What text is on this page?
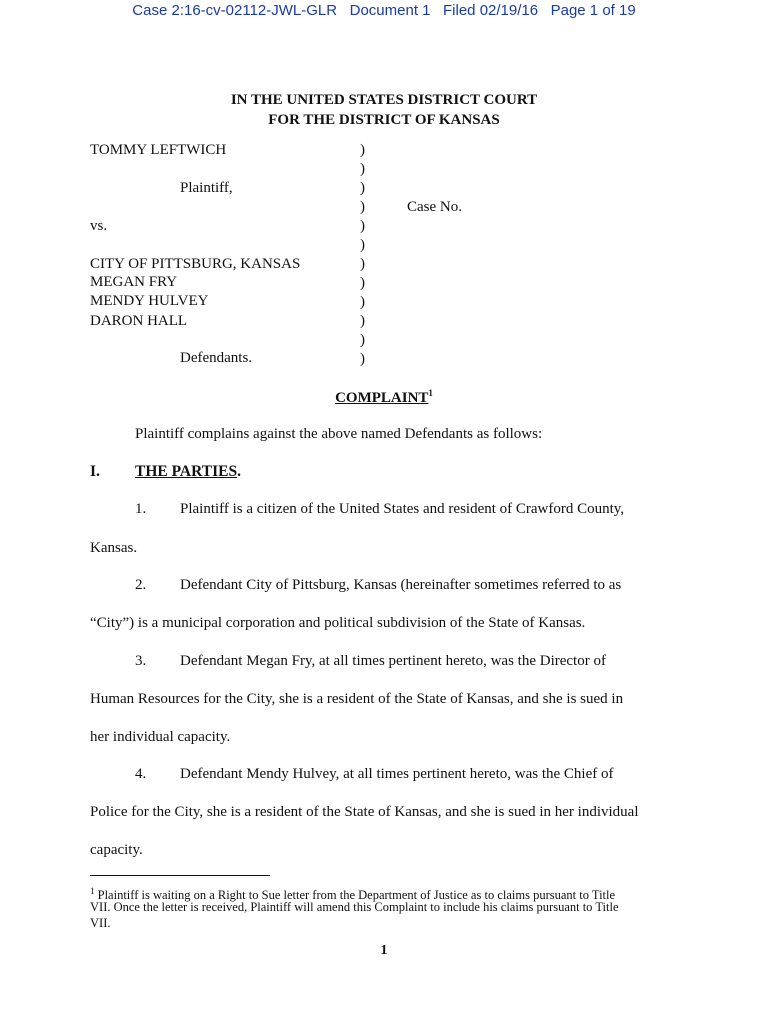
Case 2:16-cv-02112-JWL-GLR Document 1 Filed 02/19/16 Page 1 of 19
IN THE UNITED STATES DISTRICT COURT
FOR THE DISTRICT OF KANSAS
TOMMY LEFTWICH
Plaintiff,
vs.
CITY OF PITTSBURG, KANSAS
MEGAN FRY
MENDY HULVEY
DARON HALL
Defendants.
)
)
)
)
)
)
)
)
)
)
)
)
Case No.
COMPLAINT$^1$
Plaintiff complains against the above named Defendants as follows:
I. THE PARTIES.
1. Plaintiff is a citizen of the United States and resident of Crawford County,
Kansas.
2. Defendant City of Pittsburg, Kansas (hereinafter sometimes referred to as
“City”) is a municipal corporation and political subdivision of the State of Kansas.
3. Defendant Megan Fry, at all times pertinent hereto, was the Director of
Human Resources for the City, she is a resident of the State of Kansas, and she is sued in
her individual capacity.
4. Defendant Mendy Hulvey, at all times pertinent hereto, was the Chief of
Police for the City, she is a resident of the State of Kansas, and she is sued in her individual
capacity.
$^1$ Plaintiff is waiting on a Right to Sue letter from the Department of Justice as to claims pursuant to Title
VII. Once the letter is received, Plaintiff will amend this Complaint to include his claims pursuant to Title
VII.
1
